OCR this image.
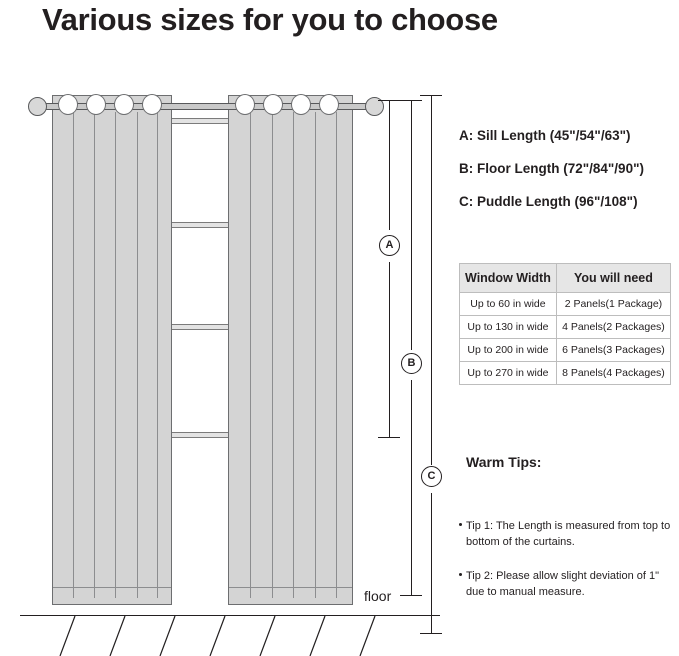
Various sizes for you to choose
A
B
C
floor
A: Sill Length (45"/54"/63")
B: Floor Length (72"/84"/90")
C: Puddle Length (96"/108")
Window Width	You will need
Up to 60 in wide	2 Panels(1 Package)
Up to 130 in wide	4 Panels(2 Packages)
Up to 200 in wide	6 Panels(3 Packages)
Up to 270 in wide	8 Panels(4 Packages)
Warm Tips:
Tip 1: The Length is measured from top to bottom of the curtains.
Tip 2: Please allow slight deviation of 1" due to manual measure.
